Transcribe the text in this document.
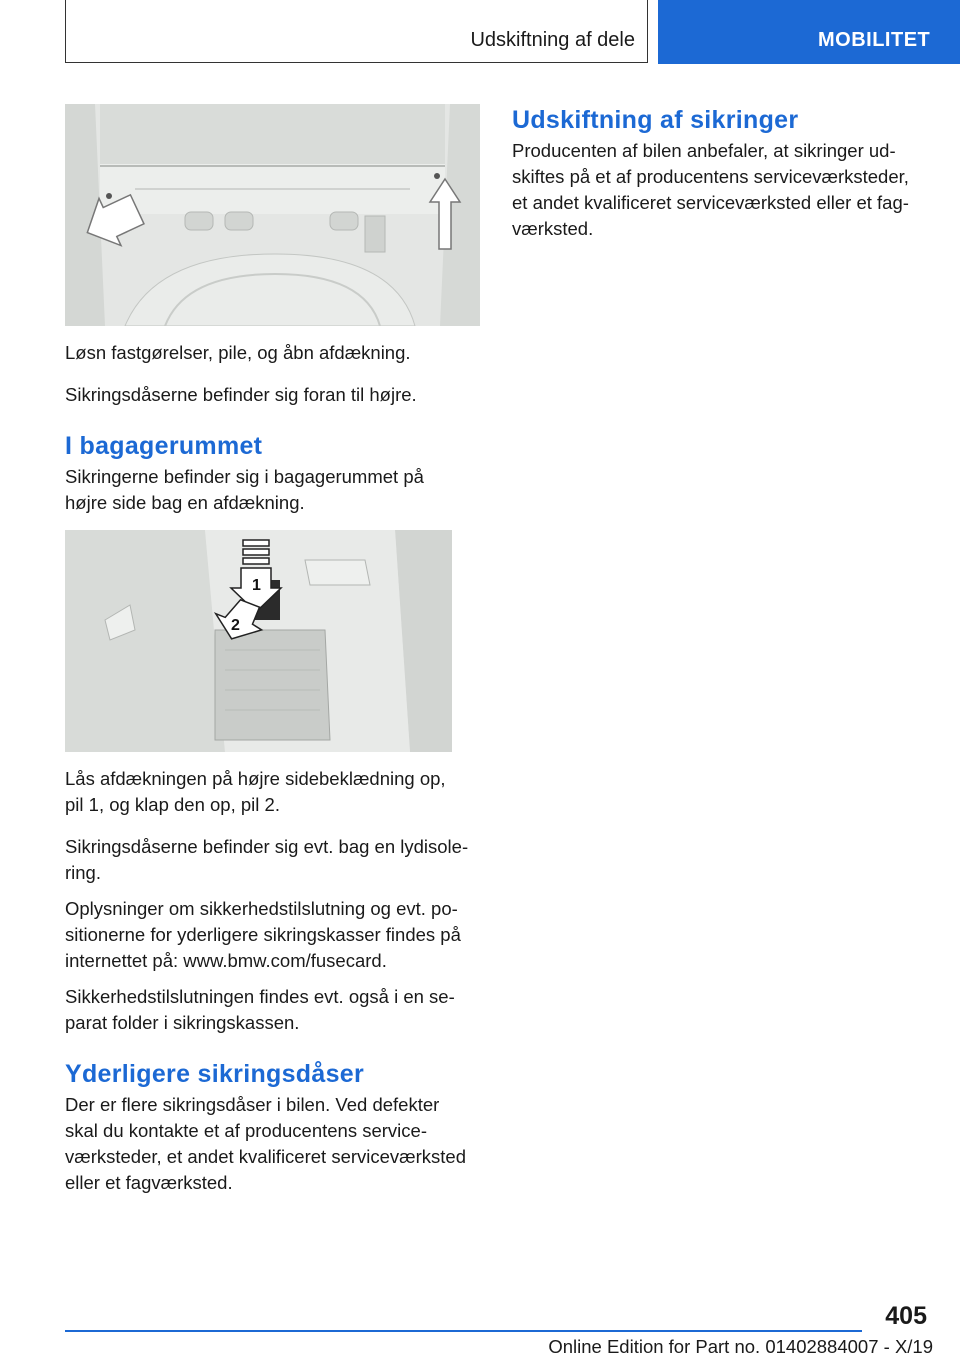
Udskiftning af dele	MOBILITET

Løsn fastgørelser, pile, og åbn afdækning.

Sikringsdåserne befinder sig foran til højre.

I bagagerummet
Sikringerne befinder sig i bagagerummet på
højre side bag en afdækning.
1
2
Lås afdækningen på højre sidebeklædning op,
pil 1, og klap den op, pil 2.
Sikringsdåserne befinder sig evt. bag en lydisole‐
ring.
Oplysninger om sikkerhedstilslutning og evt. po‐
sitionerne for yderligere sikringskasser findes på
internettet på: www.bmw.com/fusecard.
Sikkerhedstilslutningen findes evt. også i en se‐
parat folder i sikringskassen.
Yderligere sikringsdåser
Der er flere sikringsdåser i bilen. Ved defekter
skal du kontakte et af producentens service‐
værksteder, et andet kvalificeret serviceværksted
eller et fagværksted.
Udskiftning af sikringer
Producenten af bilen anbefaler, at sikringer ud‐
skiftes på et af producentens serviceværksteder,
et andet kvalificeret serviceværksted eller et fag‐
værksted.
405
Online Edition for Part no. 01402884007 - X/19
